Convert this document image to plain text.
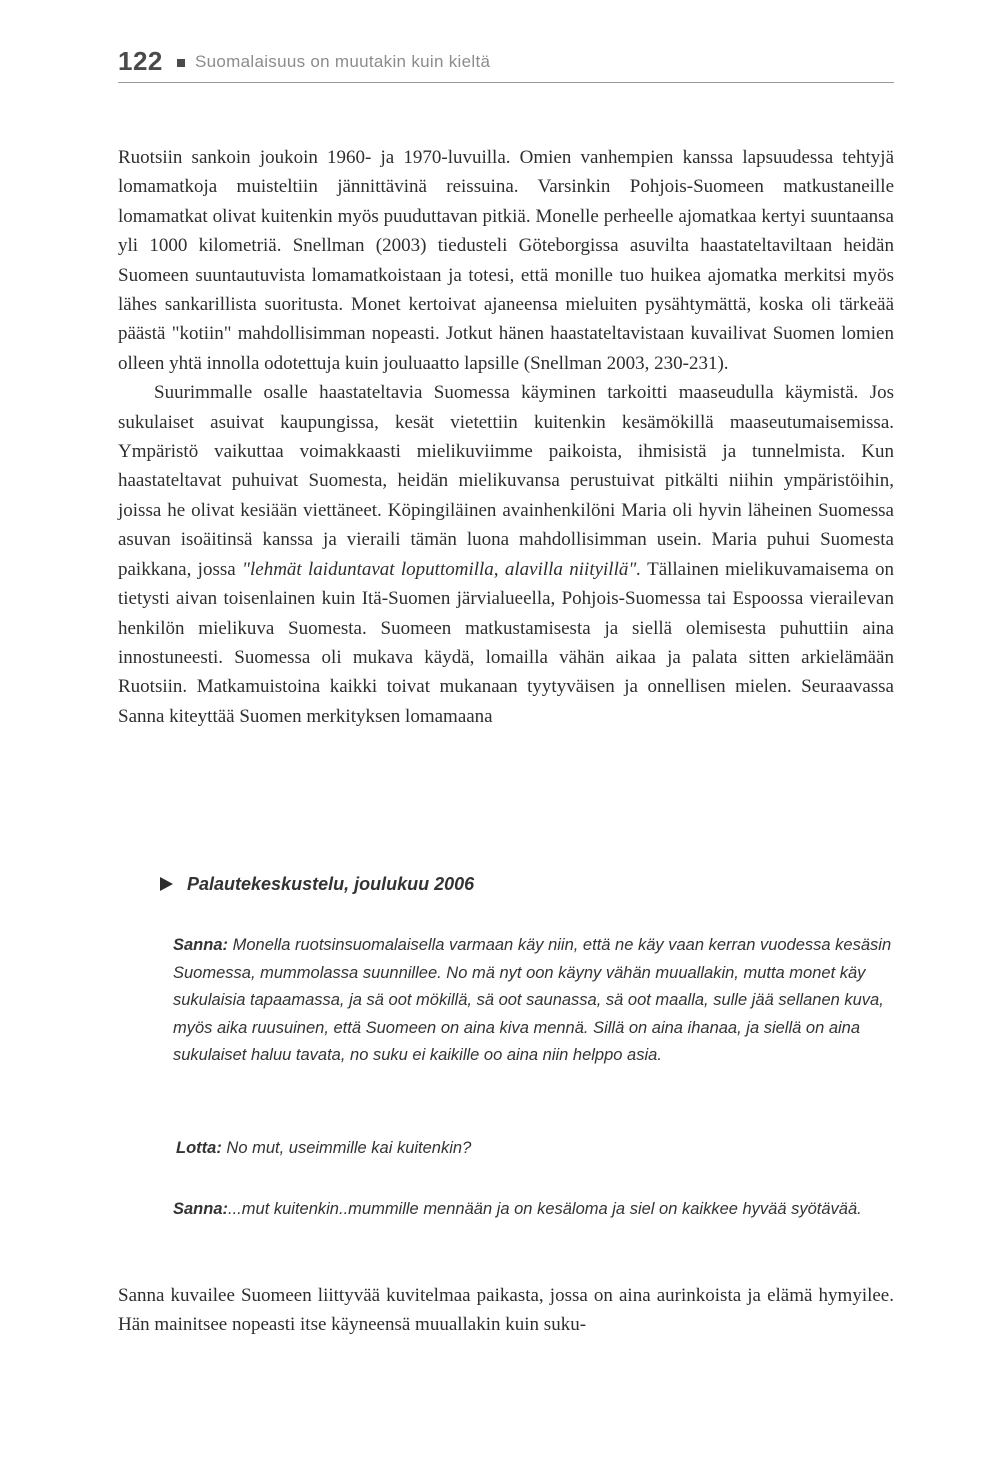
122 Suomalaisuus on muutakin kuin kieltä

Ruotsiin sankoin joukoin 1960- ja 1970-luvuilla. Omien vanhempien kanssa lapsuudessa tehtyjä lomamatkoja muisteltiin jännittävinä reissuina. Varsinkin Pohjois-Suomeen matkustaneille lomamatkat olivat kuitenkin myös puuduttavan pitkiä. Monelle perheelle ajomatkaa kertyi suuntaansa yli 1000 kilometriä. Snellman (2003) tiedusteli Göteborgissa asuvilta haastateltaviltaan heidän Suomeen suuntautuvista lomamatkoistaan ja totesi, että monille tuo huikea ajomatka merkitsi myös lähes sankarillista suoritusta. Monet kertoivat ajaneensa mieluiten pysähtymättä, koska oli tärkeää päästä "kotiin" mahdollisimman nopeasti. Jotkut hänen haastateltavistaan kuvailivat Suomen lomien olleen yhtä innolla odotettuja kuin jouluaatto lapsille (Snellman 2003, 230-231).

Suurimmalle osalle haastateltavia Suomessa käyminen tarkoitti maaseudulla käymistä. Jos sukulaiset asuivat kaupungissa, kesät vietettiin kuitenkin kesämökillä maaseutumaisemissa. Ympäristö vaikuttaa voimakkaasti mielikuviimme paikoista, ihmisistä ja tunnelmista. Kun haastateltavat puhuivat Suomesta, heidän mielikuvansa perustuivat pitkälti niihin ympäristöihin, joissa he olivat kesiään viettäneet. Köpingiläinen avainhenkilöni Maria oli hyvin läheinen Suomessa asuvan isoäitinsä kanssa ja vieraili tämän luona mahdollisimman usein. Maria puhui Suomesta paikkana, jossa "lehmät laiduntavat loputtomilla, alavilla niityillä". Tällainen mielikuvamaisema on tietysti aivan toisenlainen kuin Itä-Suomen järvialueella, Pohjois-Suomessa tai Espoossa vierailevan henkilön mielikuva Suomesta. Suomeen matkustamisesta ja siellä olemisesta puhuttiin aina innostuneesti. Suomessa oli mukava käydä, lomailla vähän aikaa ja palata sitten arkielämään Ruotsiin. Matkamuistoina kaikki toivat mukanaan tyytyväisen ja onnellisen mielen. Seuraavassa Sanna kiteyttää Suomen merkityksen lomamaana

Palautekeskustelu, joulukuu 2006

Sanna: Monella ruotsinsuomalaisella varmaan käy niin, että ne käy vaan kerran vuodessa kesäsin Suomessa, mummolassa suunnillee. No mä nyt oon käyny vähän muuallakin, mutta monet käy sukulaisia tapaamassa, ja sä oot mökillä, sä oot saunassa, sä oot maalla, sulle jää sellanen kuva, myös aika ruusuinen, että Suomeen on aina kiva mennä. Sillä on aina ihanaa, ja siellä on aina sukulaiset haluu tavata, no suku ei kaikille oo aina niin helppo asia.

Lotta: No mut, useimmille kai kuitenkin?

Sanna:...mut kuitenkin..mummille mennään ja on kesäloma ja siel on kaikkee hyvää syötävää.

Sanna kuvailee Suomeen liittyvää kuvitelmaa paikasta, jossa on aina aurinkoista ja elämä hymyilee. Hän mainitsee nopeasti itse käyneensä muuallakin kuin suku-
